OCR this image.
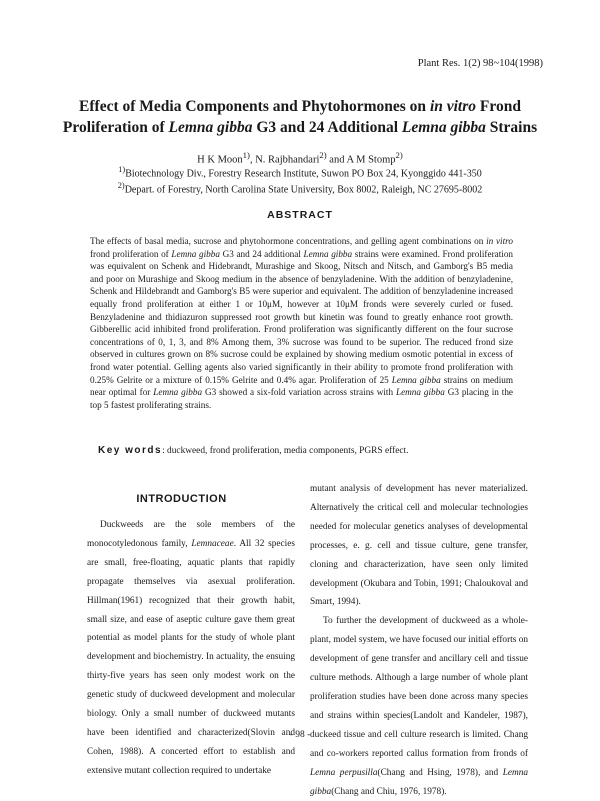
Plant Res. 1(2) 98~104(1998)
Effect of Media Components and Phytohormones on in vitro Frond
Proliferation of Lemna gibba G3 and 24 Additional Lemna gibba Strains
H K Moon$^{1)}$, N. Rajbhandari$^{2)}$ and A M Stomp$^{2)}$
$^{1)}$Biotechnology Div., Forestry Research Institute, Suwon PO Box 24, Kyonggido 441-350
$^{2)}$Depart. of Forestry, North Carolina State University, Box 8002, Raleigh, NC 27695-8002
ABSTRACT
The effects of basal media, sucrose and phytohormone concentrations, and gelling agent combinations on in vitro frond proliferation of Lemna gibba G3 and 24 additional Lemna gibba strains were examined. Frond proliferation was equivalent on Schenk and Hidebrandt, Murashige and Skoog, Nitsch and Nitsch, and Gamborg's B5 media and poor on Murashige and Skoog medium in the absence of benzyladenine. With the addition of benzyladenine, Schenk and Hildebrandt and Gamborg's B5 were superior and equivalent. The addition of benzyladenine increased equally frond proliferation at either 1 or 10μM, however at 10μM fronds were severely curled or fused. Benzyladenine and thidiazuron suppressed root growth but kinetin was found to greatly enhance root growth. Gibberellic acid inhibited frond proliferation. Frond proliferation was significantly different on the four sucrose concentrations of 0, 1, 3, and 8% Among them, 3% sucrose was found to be superior. The reduced frond size observed in cultures grown on 8% sucrose could be explained by showing medium osmotic potential in excess of frond water potential. Gelling agents also varied significantly in their ability to promote frond proliferation with 0.25% Gelrite or a mixture of 0.15% Gelrite and 0.4% agar. Proliferation of 25 Lemna gibba strains on medium near optimal for Lemna gibba G3 showed a six-fold variation across strains with Lemna gibba G3 placing in the top 5 fastest proliferating strains.
Key words: duckweed, frond proliferation, media components, PGRS effect.
INTRODUCTION

Duckweeds are the sole members of the monocotyledonous family, Lemnaceae. All 32 species are small, free-floating, aquatic plants that rapidly propagate themselves via asexual proliferation. Hillman(1961) recognized that their growth habit, small size, and ease of aseptic culture gave them great potential as model plants for the study of whole plant development and biochemistry. In actuality, the ensuing thirty-five years has seen only modest work on the genetic study of duckweed development and molecular biology. Only a small number of duckweed mutants have been identified and characterized(Slovin and Cohen, 1988). A concerted effort to establish and extensive mutant collection required to undertake

mutant analysis of development has never materialized. Alternatively the critical cell and molecular technologies needed for molecular genetics analyses of developmental processes, e. g. cell and tissue culture, gene transfer, cloning and characterization, have seen only limited development (Okubara and Tobin, 1991; Chaloukoval and Smart, 1994).

To further the development of duckweed as a whole-plant, model system, we have focused our initial efforts on development of gene transfer and ancillary cell and tissue culture methods. Although a large number of whole plant proliferation studies have been done across many species and strains within species(Landolt and Kandeler, 1987), duckeed tissue and cell culture research is limited. Chang and co-workers reported callus formation from fronds of Lemna perpusilla(Chang and Hsing, 1978), and Lemna gibba(Chang and Chiu, 1976, 1978).

- 98 -
